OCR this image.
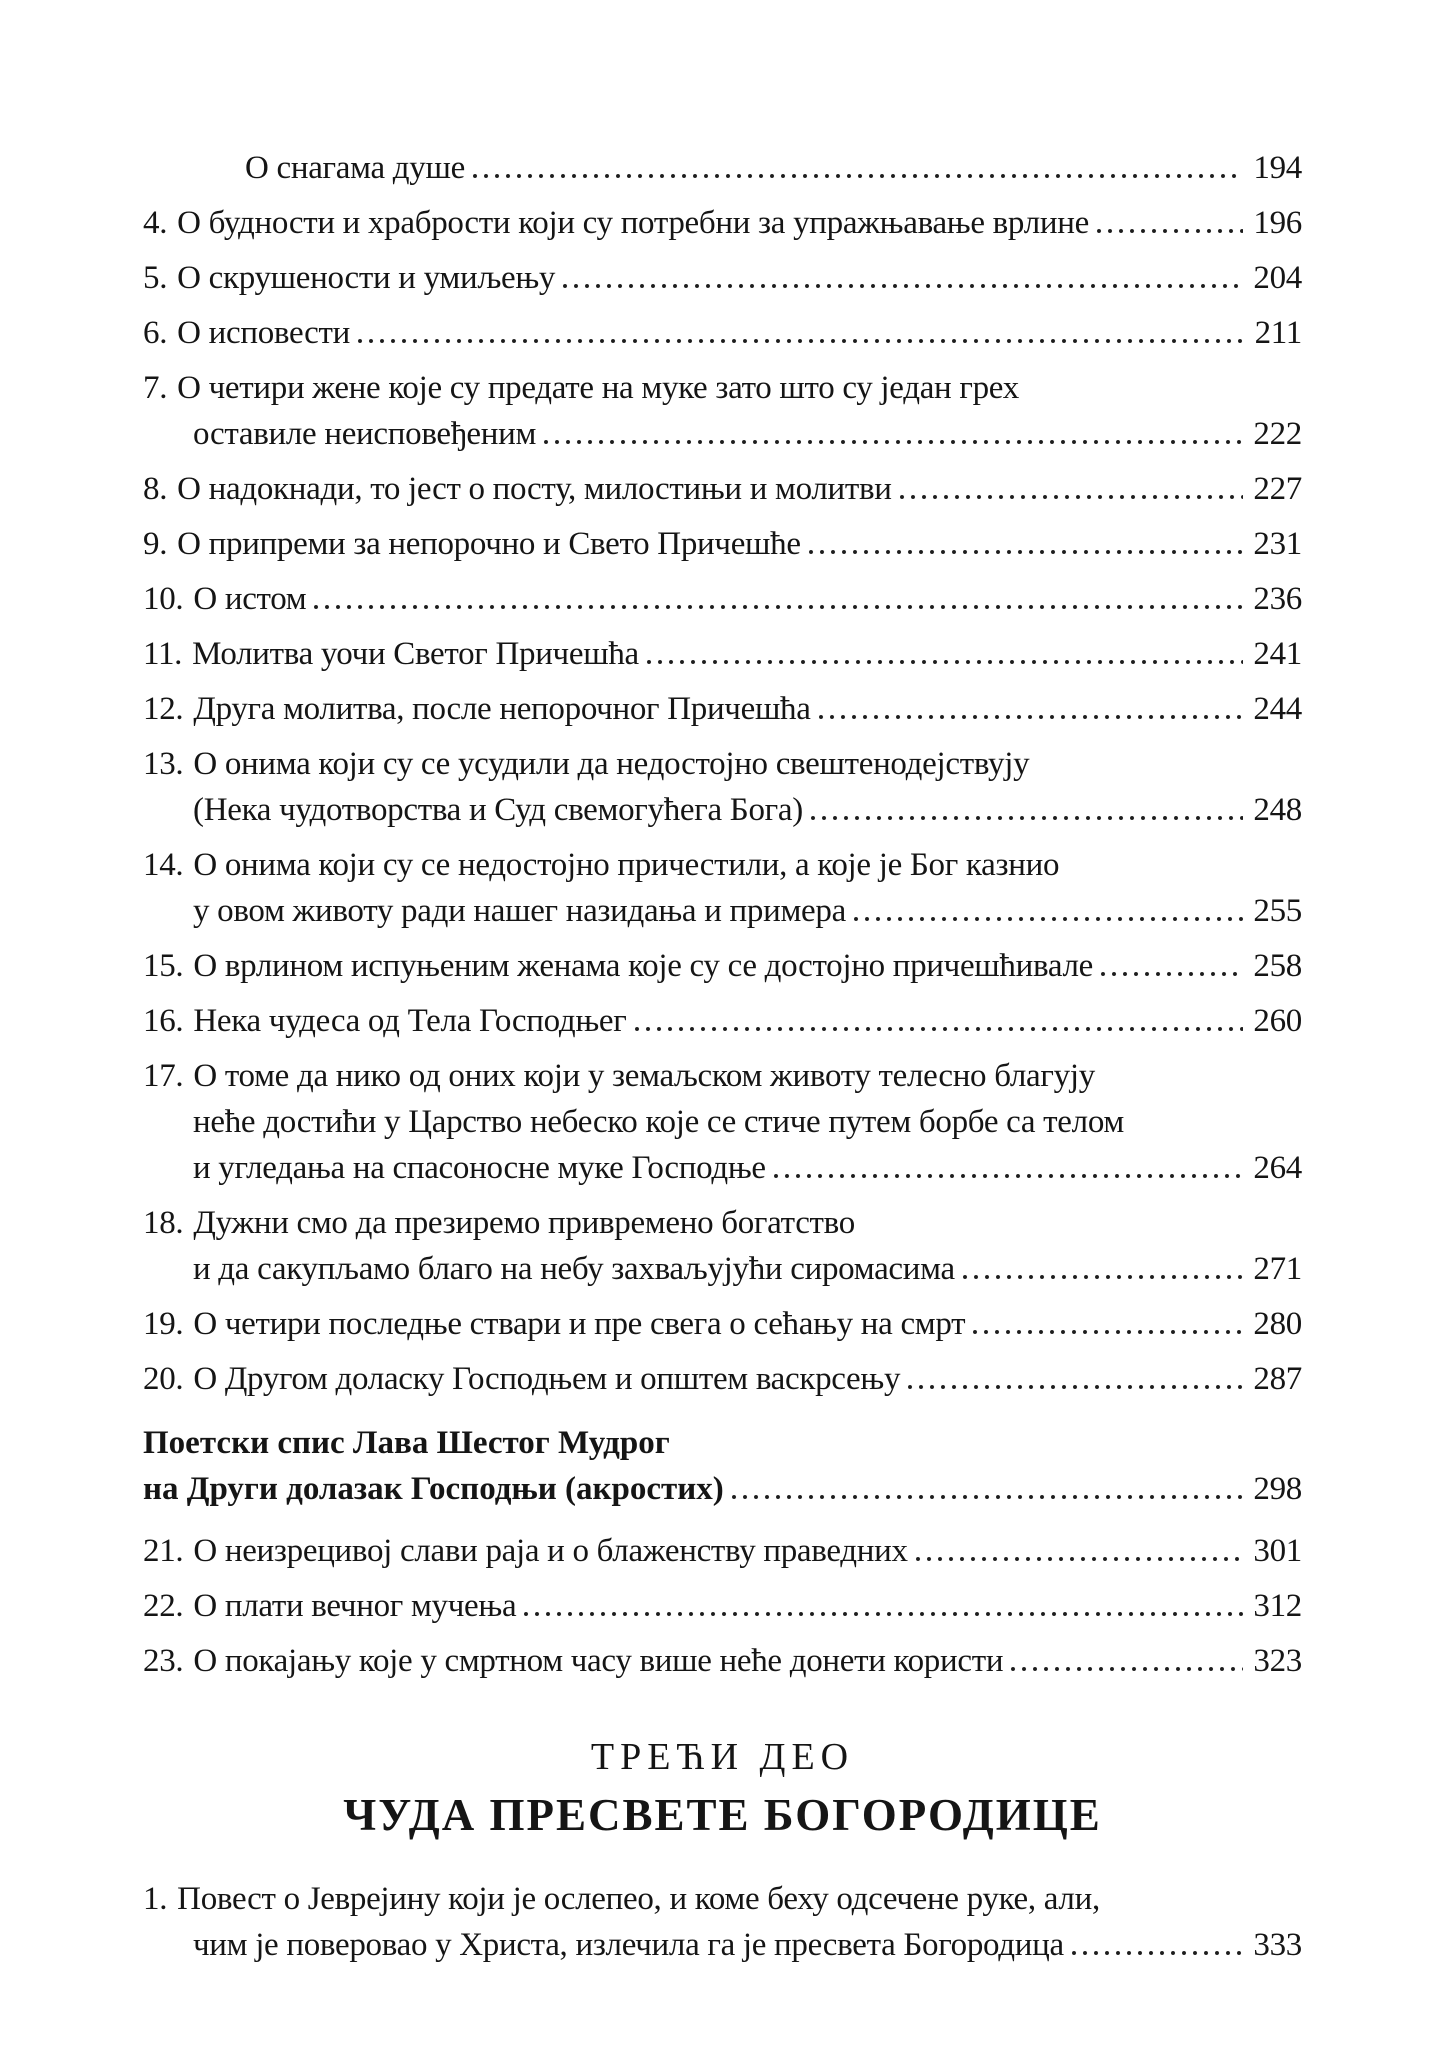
О снагама душе	194
4. О будности и храбрости који су потребни за упражњавање врлине	196
5. О скрушености и умиљењу	204
6. О исповести	211
7. О четири жене које су предате на муке зато што су један грех
оставиле неисповеђеним	222
8. О надокнади, то јест о посту, милостињи и молитви	227
9. О припреми за непорочно и Свето Причешће	231
10. О истом	236
11. Молитва уочи Светог Причешћа	241
12. Друга молитва, после непорочног Причешћа	244
13. О онима који су се усудили да недостојно свештенодејствују
(Нека чудотворства и Суд свемогућега Бога)	248
14. О онима који су се недостојно причестили, а које је Бог казнио
у овом животу ради нашег назидања и примера	255
15. О врлином испуњеним женама које су се достојно причешћивале	258
16. Нека чудеса од Тела Господњег	260
17. О томе да нико од оних који у земаљском животу телесно благују
неће достићи у Царство небеско које се стиче путем борбе са телом
и угледања на спасоносне муке Господње	264
18. Дужни смо да презиремо привремено богатство
и да сакупљамо благо на небу захваљујући сиромасима	271
19. О четири последње ствари и пре свега о сећању на смрт	280
20. О Другом доласку Господњем и општем васкрсењу	287
Поетски спис Лава Шестог Мудрог
на Други долазак Господњи (акростих)	298
21. О неизрецивој слави раја и о блаженству праведних	301
22. О плати вечног мучења	312
23. О покајању које у смртном часу више неће донети користи	323
ТРЕЋИ ДЕО
ЧУДА ПРЕСВЕТЕ БОГОРОДИЦЕ
1. Повест о Јеврејину који је ослепео, и коме беху одсечене руке, али,
чим је поверовао у Христа, излечила га је пресвета Богородица	333
